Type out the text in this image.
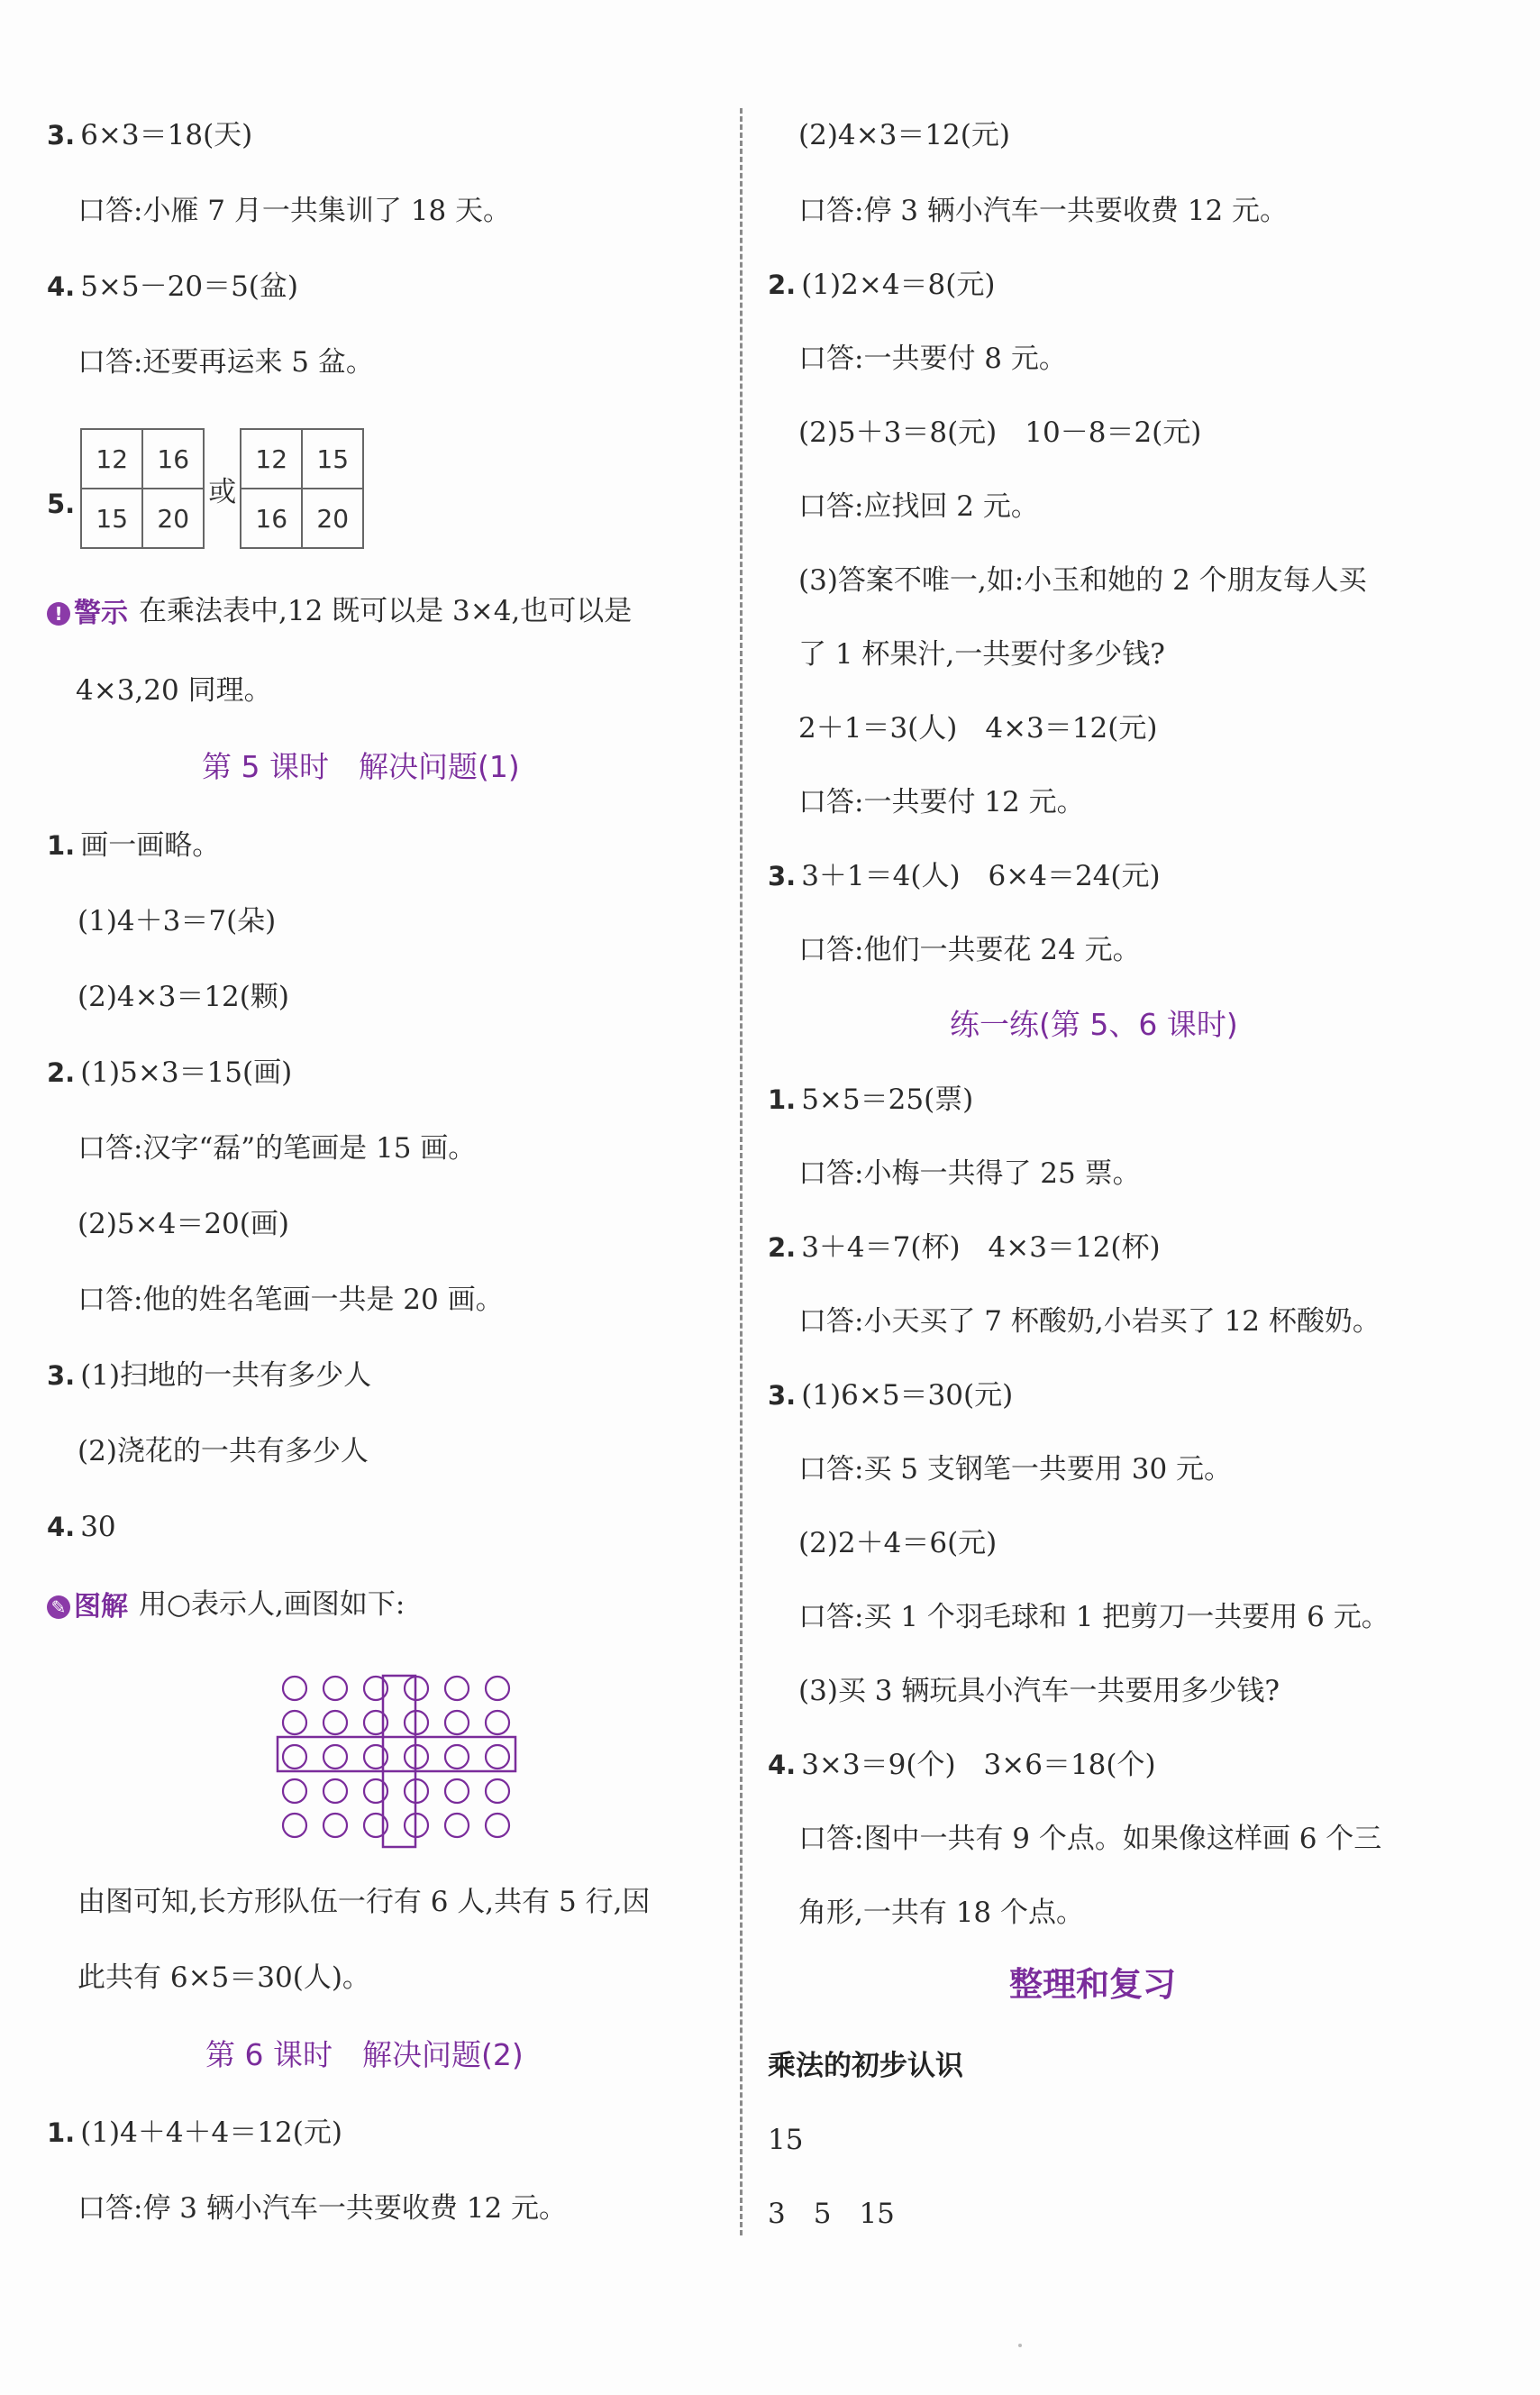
3. 6×3＝18(天)
口答:小雁 7 月一共集训了 18 天。
4. 5×5－20＝5(盆)
口答:还要再运来 5 盆。
5.
12	16
15	20
或
12	15
16	20
! 警示 在乘法表中,12 既可以是 3×4,也可以是
4×3,20 同理。
第 5 课时　解决问题(1)
1. 画一画略。
(1)4＋3＝7(朵)
(2)4×3＝12(颗)
2. (1)5×3＝15(画)
口答:汉字“磊”的笔画是 15 画。
(2)5×4＝20(画)
口答:他的姓名笔画一共是 20 画。
3. (1)扫地的一共有多少人
(2)浇花的一共有多少人
4. 30
✎ 图解 用○表示人,画图如下:
由图可知,长方形队伍一行有 6 人,共有 5 行,因
此共有 6×5＝30(人)。
第 6 课时　解决问题(2)
1. (1)4＋4＋4＝12(元)
口答:停 3 辆小汽车一共要收费 12 元。
(2)4×3＝12(元)
口答:停 3 辆小汽车一共要收费 12 元。
2. (1)2×4＝8(元)
口答:一共要付 8 元。
(2)5＋3＝8(元)　10－8＝2(元)
口答:应找回 2 元。
(3)答案不唯一,如:小玉和她的 2 个朋友每人买
了 1 杯果汁,一共要付多少钱?
2＋1＝3(人)　4×3＝12(元)
口答:一共要付 12 元。
3. 3＋1＝4(人)　6×4＝24(元)
口答:他们一共要花 24 元。
练一练(第 5、6 课时)
1. 5×5＝25(票)
口答:小梅一共得了 25 票。
2. 3＋4＝7(杯)　4×3＝12(杯)
口答:小天买了 7 杯酸奶,小岩买了 12 杯酸奶。
3. (1)6×5＝30(元)
口答:买 5 支钢笔一共要用 30 元。
(2)2＋4＝6(元)
口答:买 1 个羽毛球和 1 把剪刀一共要用 6 元。
(3)买 3 辆玩具小汽车一共要用多少钱?
4. 3×3＝9(个)　3×6＝18(个)
口答:图中一共有 9 个点。如果像这样画 6 个三
角形,一共有 18 个点。
整理和复习
乘法的初步认识
15
3　5　15
